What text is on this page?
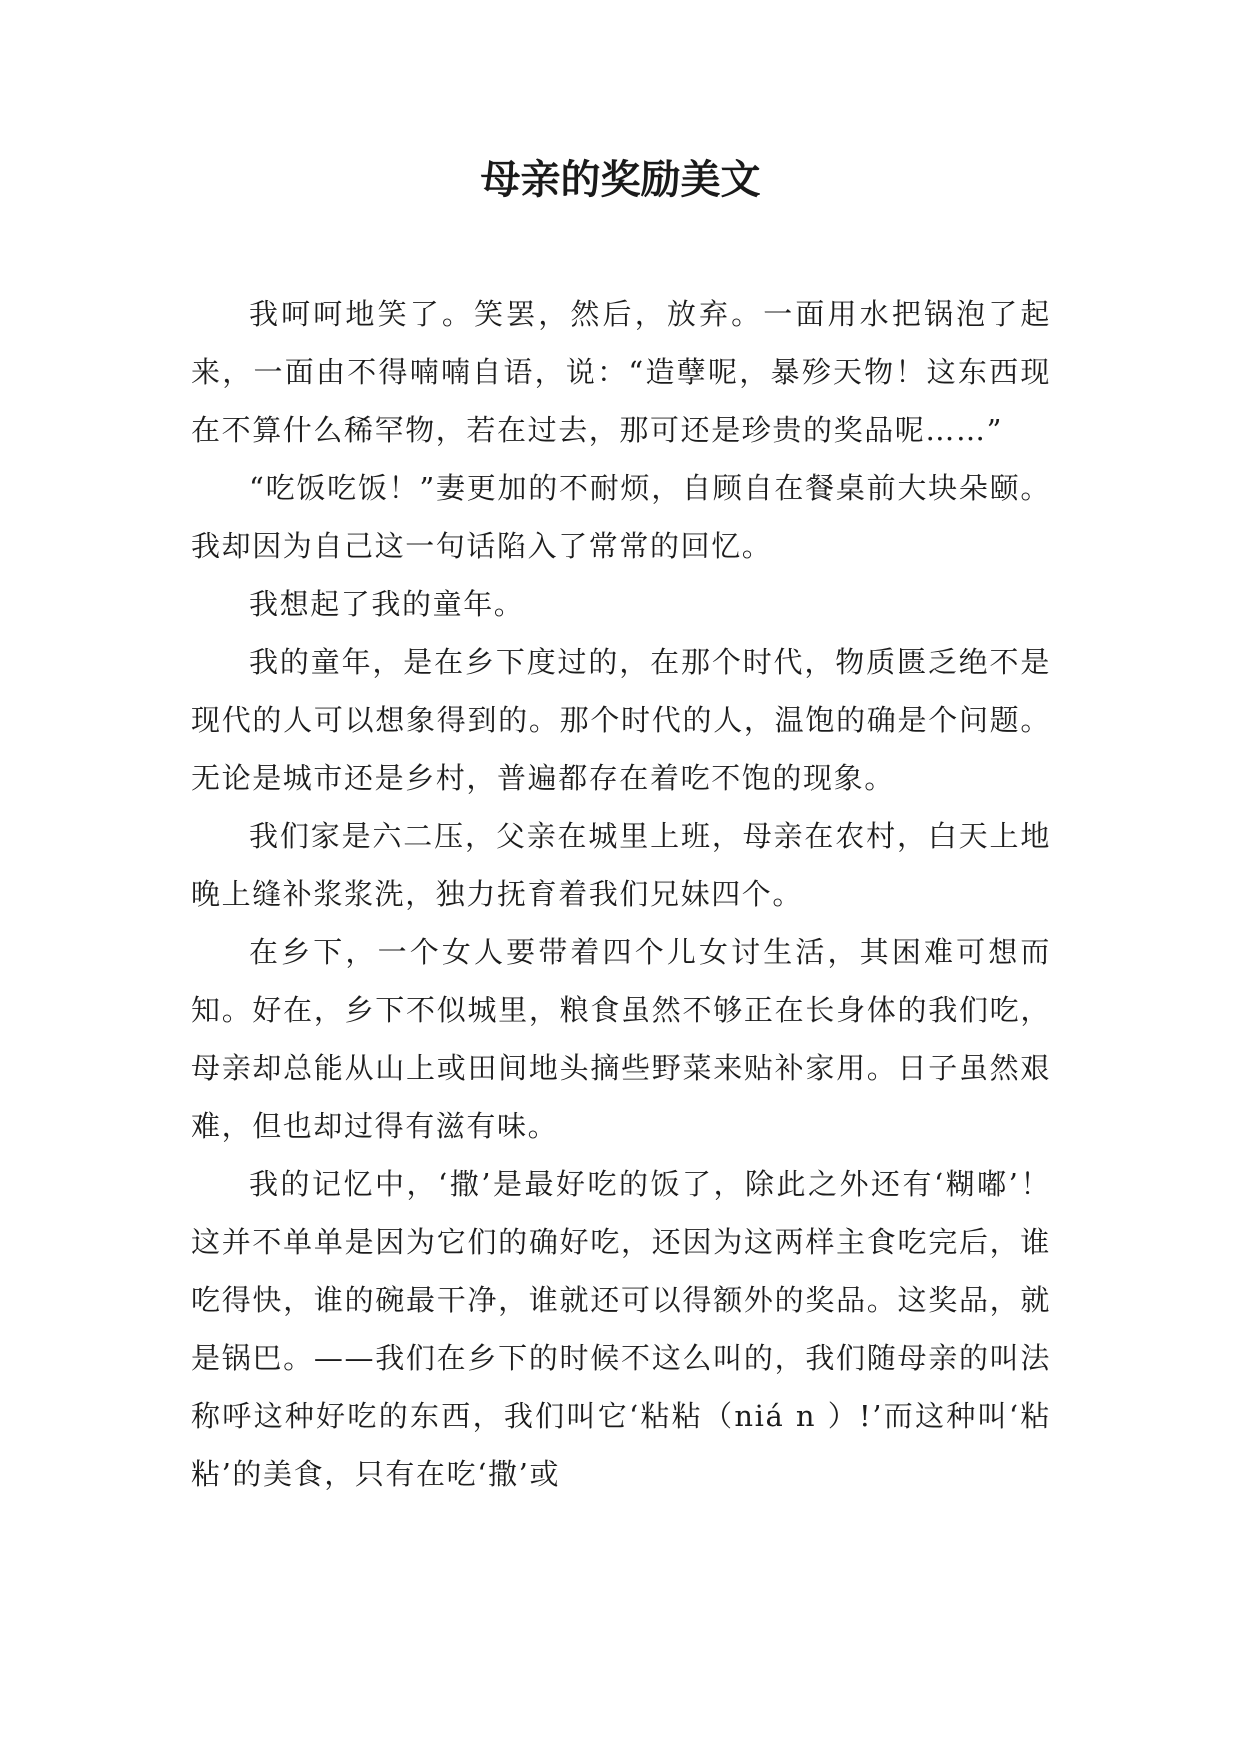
母亲的奖励美文

我呵呵地笑了。笑罢，然后，放弃。一面用水把锅泡了起来，一面由不得喃喃自语，说：“造孽呢，暴殄天物！这东西现在不算什么稀罕物，若在过去，那可还是珍贵的奖品呢……”

“吃饭吃饭！”妻更加的不耐烦，自顾自在餐桌前大块朵颐。我却因为自己这一句话陷入了常常的回忆。

我想起了我的童年。

我的童年，是在乡下度过的，在那个时代，物质匮乏绝不是现代的人可以想象得到的。那个时代的人，温饱的确是个问题。无论是城市还是乡村，普遍都存在着吃不饱的现象。

我们家是六二压，父亲在城里上班，母亲在农村，白天上地晚上缝补浆浆洗，独力抚育着我们兄妹四个。

在乡下，一个女人要带着四个儿女讨生活，其困难可想而知。好在，乡下不似城里，粮食虽然不够正在长身体的我们吃，母亲却总能从山上或田间地头摘些野菜来贴补家用。日子虽然艰难，但也却过得有滋有味。

我的记忆中，‘撒’是最好吃的饭了，除此之外还有‘糊嘟’！这并不单单是因为它们的确好吃，还因为这两样主食吃完后，谁吃得快，谁的碗最干净，谁就还可以得额外的奖品。这奖品，就是锅巴。——我们在乡下的时候不这么叫的，我们随母亲的叫法称呼这种好吃的东西，我们叫它‘粘粘（niá n ）!’而这种叫‘粘粘’的美食，只有在吃‘撒’或
